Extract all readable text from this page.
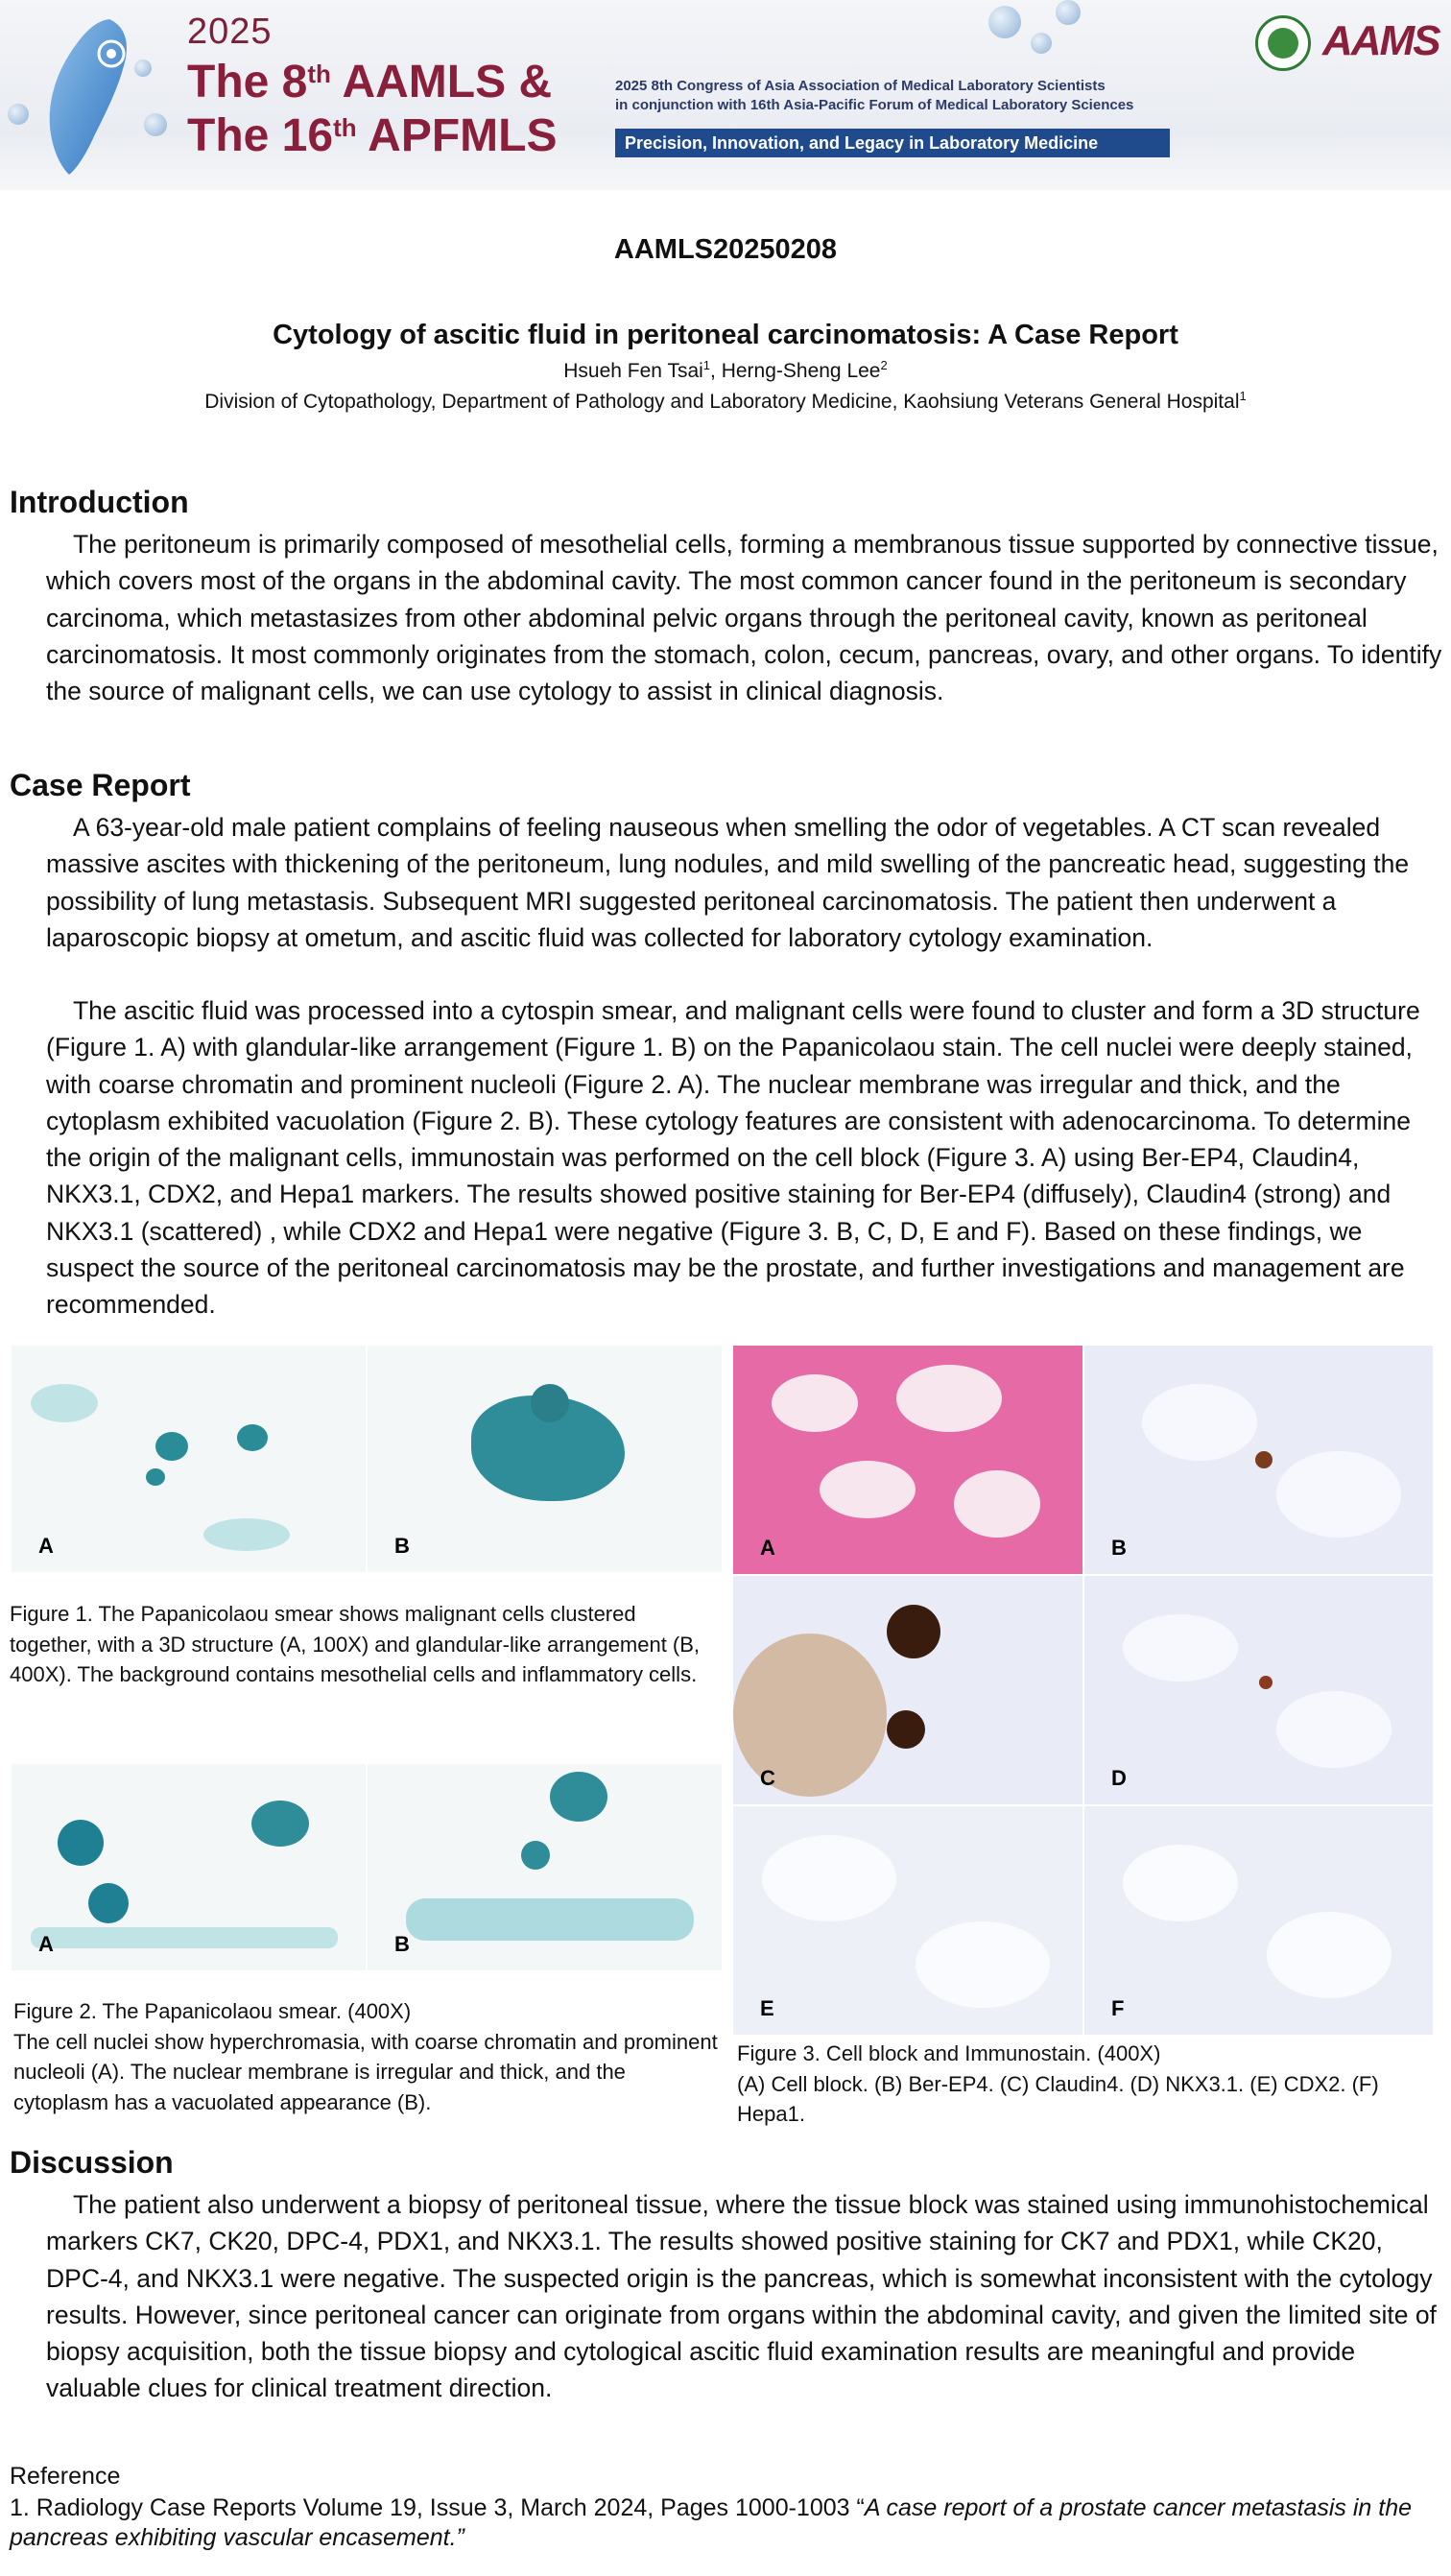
2025
The 8th AAMLS &
The 16th APFMLS
2025 8th Congress of Asia Association of Medical Laboratory Scientists
in conjunction with 16th Asia-Pacific Forum of Medical Laboratory Sciences
Precision, Innovation, and Legacy in Laboratory Medicine
AAMS
AAMLS20250208
Cytology of ascitic fluid in peritoneal carcinomatosis: A Case Report
Hsueh Fen Tsai$^1$, Herng-Sheng Lee$^2$
Division of Cytopathology, Department of Pathology and Laboratory Medicine, Kaohsiung Veterans General Hospital$^1$
Introduction
The peritoneum is primarily composed of mesothelial cells, forming a membranous tissue supported by connective tissue, which covers most of the organs in the abdominal cavity. The most common cancer found in the peritoneum is secondary carcinoma, which metastasizes from other abdominal pelvic organs through the peritoneal cavity, known as peritoneal carcinomatosis. It most commonly originates from the stomach, colon, cecum, pancreas, ovary, and other organs. To identify the source of malignant cells, we can use cytology to assist in clinical diagnosis.
Case Report
A 63-year-old male patient complains of feeling nauseous when smelling the odor of vegetables. A CT scan revealed massive ascites with thickening of the peritoneum, lung nodules, and mild swelling of the pancreatic head, suggesting the possibility of lung metastasis. Subsequent MRI suggested peritoneal carcinomatosis. The patient then underwent a laparoscopic biopsy at ometum, and ascitic fluid was collected for laboratory cytology examination.
The ascitic fluid was processed into a cytospin smear, and malignant cells were found to cluster and form a 3D structure (Figure 1. A) with glandular-like arrangement (Figure 1. B) on the Papanicolaou stain. The cell nuclei were deeply stained, with coarse chromatin and prominent nucleoli (Figure 2. A). The nuclear membrane was irregular and thick, and the cytoplasm exhibited vacuolation (Figure 2. B). These cytology features are consistent with adenocarcinoma. To determine the origin of the malignant cells, immunostain was performed on the cell block (Figure 3. A) using Ber-EP4, Claudin4, NKX3.1, CDX2, and Hepa1 markers. The results showed positive staining for Ber-EP4 (diffusely), Claudin4 (strong) and NKX3.1 (scattered) , while CDX2 and Hepa1 were negative (Figure 3. B, C, D, E and F). Based on these findings, we suspect the source of the peritoneal carcinomatosis may be the prostate, and further investigations and management are recommended.
A	B
Figure 1. The Papanicolaou smear shows malignant cells clustered together, with a 3D structure (A, 100X) and glandular-like arrangement (B, 400X). The background contains mesothelial cells and inflammatory cells.
A	B
Figure 2. The Papanicolaou smear. (400X)
The cell nuclei show hyperchromasia, with coarse chromatin and prominent nucleoli (A). The nuclear membrane is irregular and thick, and the cytoplasm has a vacuolated appearance (B).
A	B
C	D
E	F
Figure 3. Cell block and Immunostain. (400X)
(A) Cell block. (B) Ber-EP4. (C) Claudin4. (D) NKX3.1. (E) CDX2. (F) Hepa1.
Discussion
The patient also underwent a biopsy of peritoneal tissue, where the tissue block was stained using immunohistochemical markers CK7, CK20, DPC-4, PDX1, and NKX3.1. The results showed positive staining for CK7 and PDX1, while CK20, DPC-4, and NKX3.1 were negative. The suspected origin is the pancreas, which is somewhat inconsistent with the cytology results. However, since peritoneal cancer can originate from organs within the abdominal cavity, and given the limited site of biopsy acquisition, both the tissue biopsy and cytological ascitic fluid examination results are meaningful and provide valuable clues for clinical treatment direction.
Reference
1. Radiology Case Reports Volume 19, Issue 3, March 2024, Pages 1000-1003 “A case report of a prostate cancer metastasis in the pancreas exhibiting vascular encasement.”
